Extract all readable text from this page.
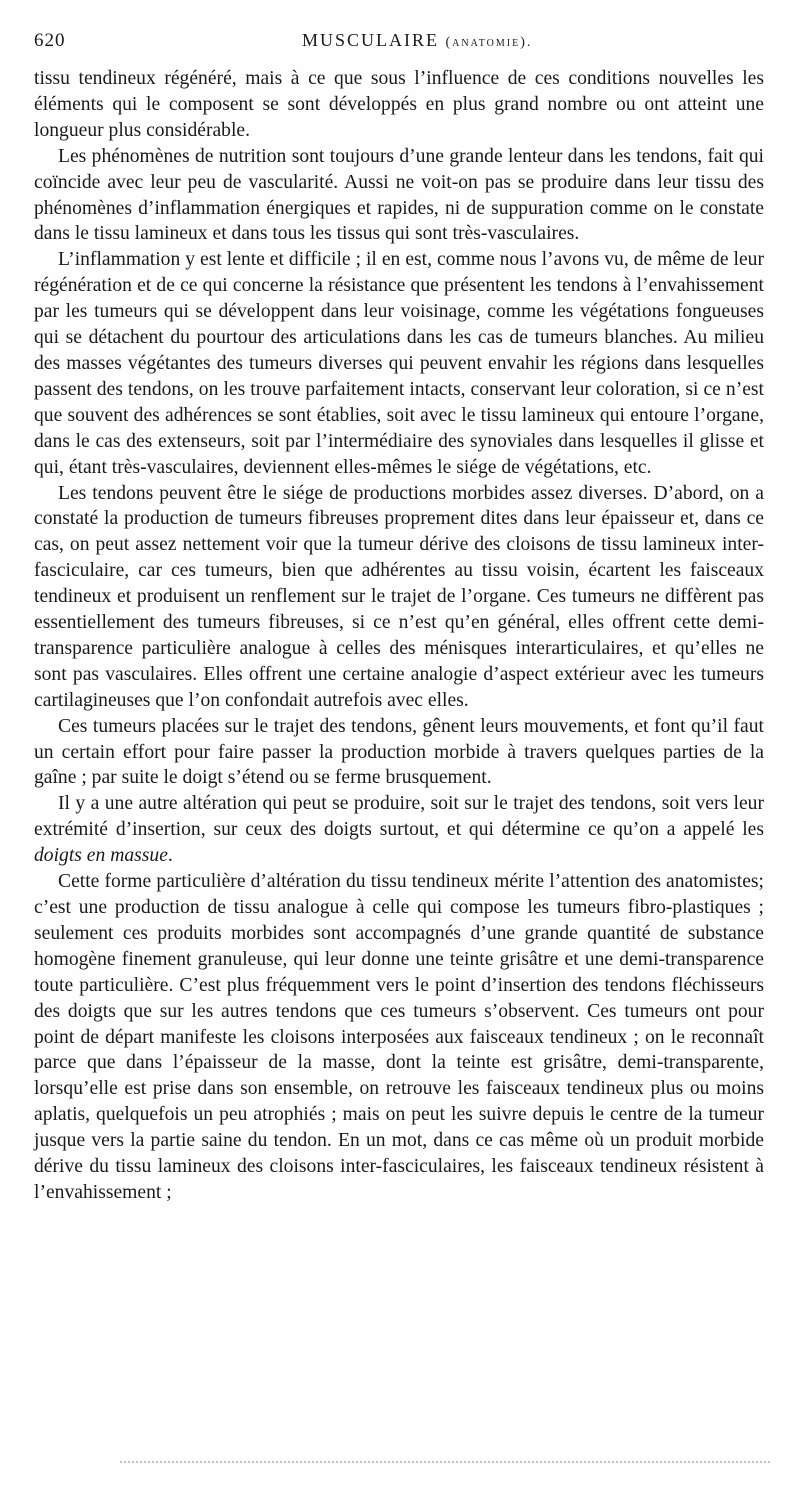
620	MUSCULAIRE (anatomie).

tissu tendineux régénéré, mais à ce que sous l’influence de ces conditions nouvelles les éléments qui le composent se sont développés en plus grand nombre ou ont atteint une longueur plus considérable.

Les phénomènes de nutrition sont toujours d’une grande lenteur dans les tendons, fait qui coïncide avec leur peu de vascularité. Aussi ne voit-on pas se produire dans leur tissu des phénomènes d’inflammation énergiques et rapides, ni de suppuration comme on le constate dans le tissu lamineux et dans tous les tissus qui sont très-vasculaires.

L’inflammation y est lente et difficile ; il en est, comme nous l’avons vu, de même de leur régénération et de ce qui concerne la résistance que présentent les tendons à l’envahissement par les tumeurs qui se développent dans leur voisinage, comme les végétations fongueuses qui se détachent du pourtour des articulations dans les cas de tumeurs blanches. Au milieu des masses végétantes des tumeurs diverses qui peuvent envahir les régions dans lesquelles passent des tendons, on les trouve parfaitement intacts, conservant leur coloration, si ce n’est que souvent des adhérences se sont établies, soit avec le tissu lamineux qui entoure l’organe, dans le cas des extenseurs, soit par l’intermédiaire des synoviales dans lesquelles il glisse et qui, étant très-vasculaires, deviennent elles-mêmes le siége de végétations, etc.

Les tendons peuvent être le siége de productions morbides assez diverses. D’abord, on a constaté la production de tumeurs fibreuses proprement dites dans leur épaisseur et, dans ce cas, on peut assez nettement voir que la tumeur dérive des cloisons de tissu lamineux inter-fasciculaire, car ces tumeurs, bien que adhérentes au tissu voisin, écartent les faisceaux tendineux et produisent un renflement sur le trajet de l’organe. Ces tumeurs ne diffèrent pas essentiellement des tumeurs fibreuses, si ce n’est qu’en général, elles offrent cette demi-transparence particulière analogue à celles des ménisques interarticulaires, et qu’elles ne sont pas vasculaires. Elles offrent une certaine analogie d’aspect extérieur avec les tumeurs cartilagineuses que l’on confondait autrefois avec elles.

Ces tumeurs placées sur le trajet des tendons, gênent leurs mouvements, et font qu’il faut un certain effort pour faire passer la production morbide à travers quelques parties de la gaîne ; par suite le doigt s’étend ou se ferme brusquement.

Il y a une autre altération qui peut se produire, soit sur le trajet des tendons, soit vers leur extrémité d’insertion, sur ceux des doigts surtout, et qui détermine ce qu’on a appelé les doigts en massue.

Cette forme particulière d’altération du tissu tendineux mérite l’attention des anatomistes; c’est une production de tissu analogue à celle qui compose les tumeurs fibro-plastiques ; seulement ces produits morbides sont accompagnés d’une grande quantité de substance homogène finement granuleuse, qui leur donne une teinte grisâtre et une demi-transparence toute particulière. C’est plus fréquemment vers le point d’insertion des tendons fléchisseurs des doigts que sur les autres tendons que ces tumeurs s’observent. Ces tumeurs ont pour point de départ manifeste les cloisons interposées aux faisceaux tendineux ; on le reconnaît parce que dans l’épaisseur de la masse, dont la teinte est grisâtre, demi-transparente, lorsqu’elle est prise dans son ensemble, on retrouve les faisceaux tendineux plus ou moins aplatis, quelquefois un peu atrophiés ; mais on peut les suivre depuis le centre de la tumeur jusque vers la partie saine du tendon. En un mot, dans ce cas même où un produit morbide dérive du tissu lamineux des cloisons inter-fasciculaires, les faisceaux tendineux résistent à l’envahissement ;
